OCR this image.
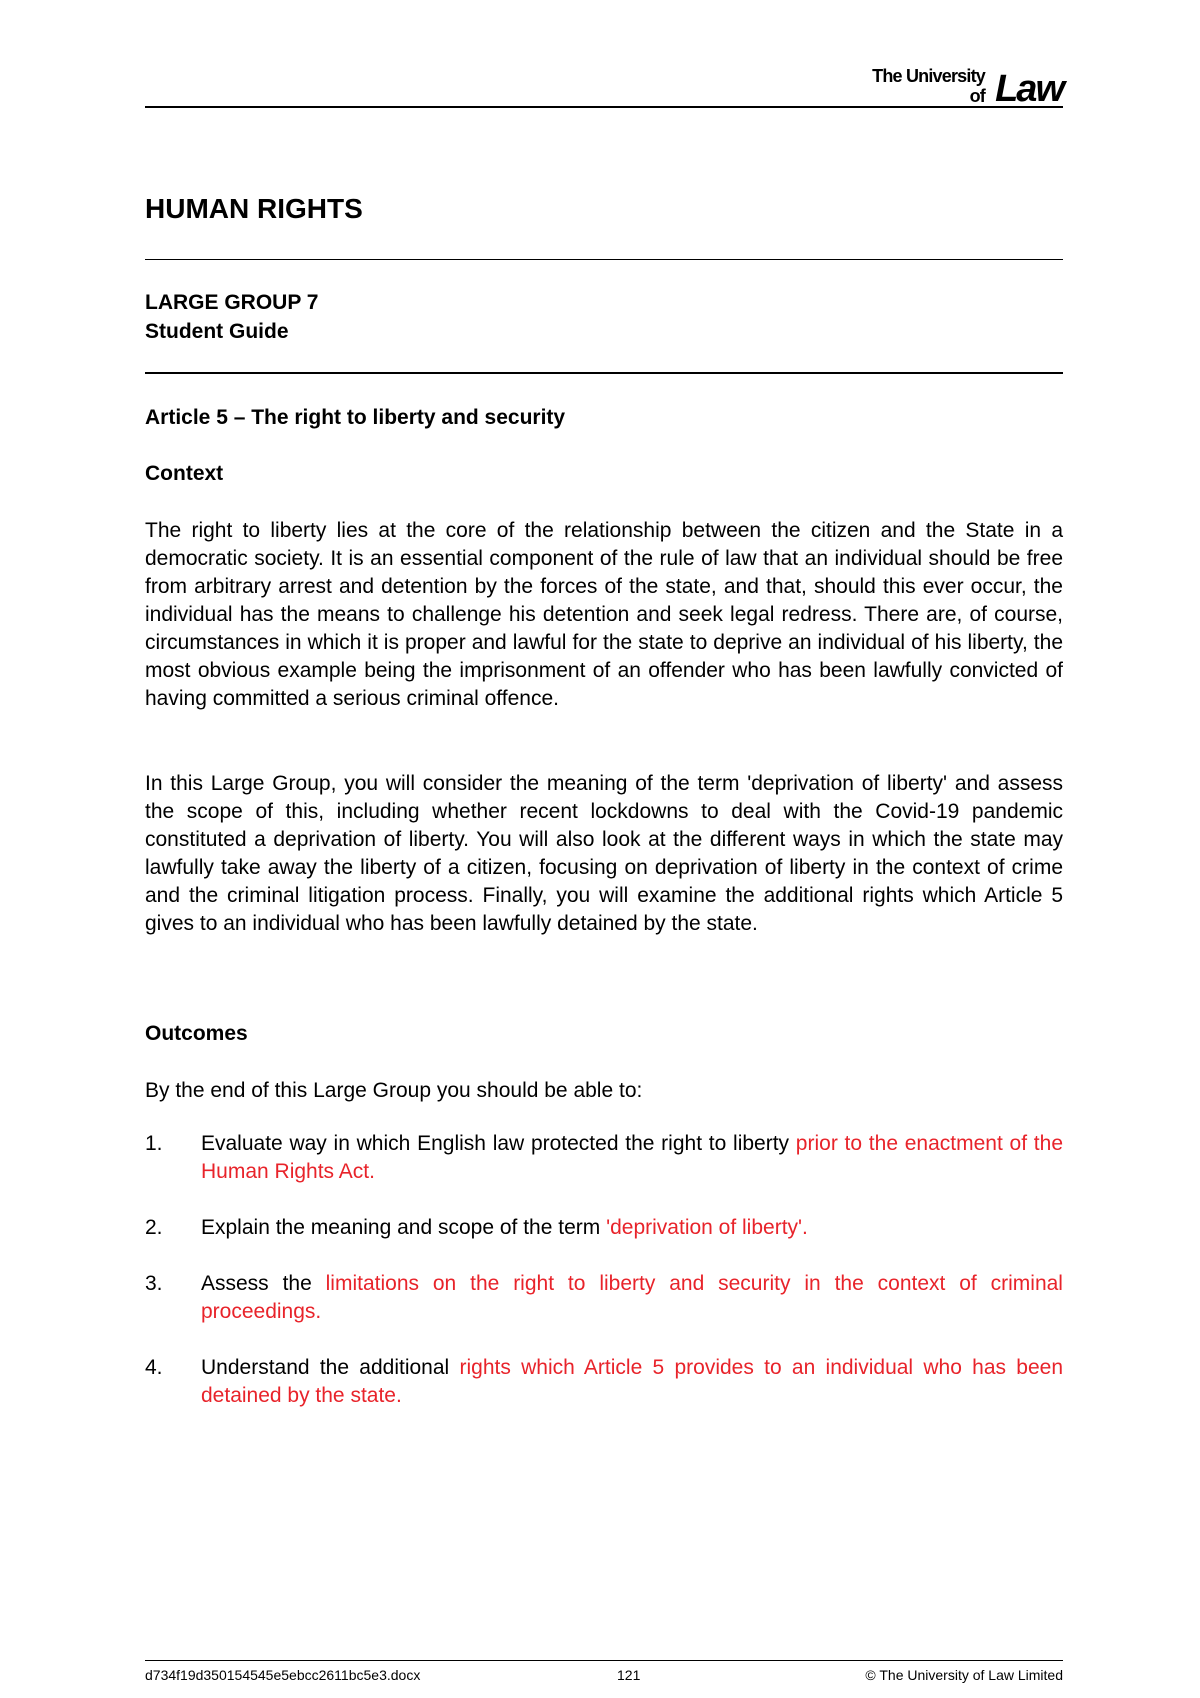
The University
of Law
HUMAN RIGHTS
LARGE GROUP 7
Student Guide
Article 5 – The right to liberty and security
Context
The right to liberty lies at the core of the relationship between the citizen and the State in a democratic society. It is an essential component of the rule of law that an individual should be free from arbitrary arrest and detention by the forces of the state, and that, should this ever occur, the individual has the means to challenge his detention and seek legal redress. There are, of course, circumstances in which it is proper and lawful for the state to deprive an individual of his liberty, the most obvious example being the imprisonment of an offender who has been lawfully convicted of having committed a serious criminal offence.
In this Large Group, you will consider the meaning of the term 'deprivation of liberty' and assess the scope of this, including whether recent lockdowns to deal with the Covid-19 pandemic constituted a deprivation of liberty. You will also look at the different ways in which the state may lawfully take away the liberty of a citizen, focusing on deprivation of liberty in the context of crime and the criminal litigation process. Finally, you will examine the additional rights which Article 5 gives to an individual who has been lawfully detained by the state.
Outcomes
By the end of this Large Group you should be able to:
1. Evaluate way in which English law protected the right to liberty prior to the enactment of the Human Rights Act.
2. Explain the meaning and scope of the term 'deprivation of liberty'.
3. Assess the limitations on the right to liberty and security in the context of criminal proceedings.
4. Understand the additional rights which Article 5 provides to an individual who has been detained by the state.
d734f19d350154545e5ebcc2611bc5e3.docx	121	© The University of Law Limited
